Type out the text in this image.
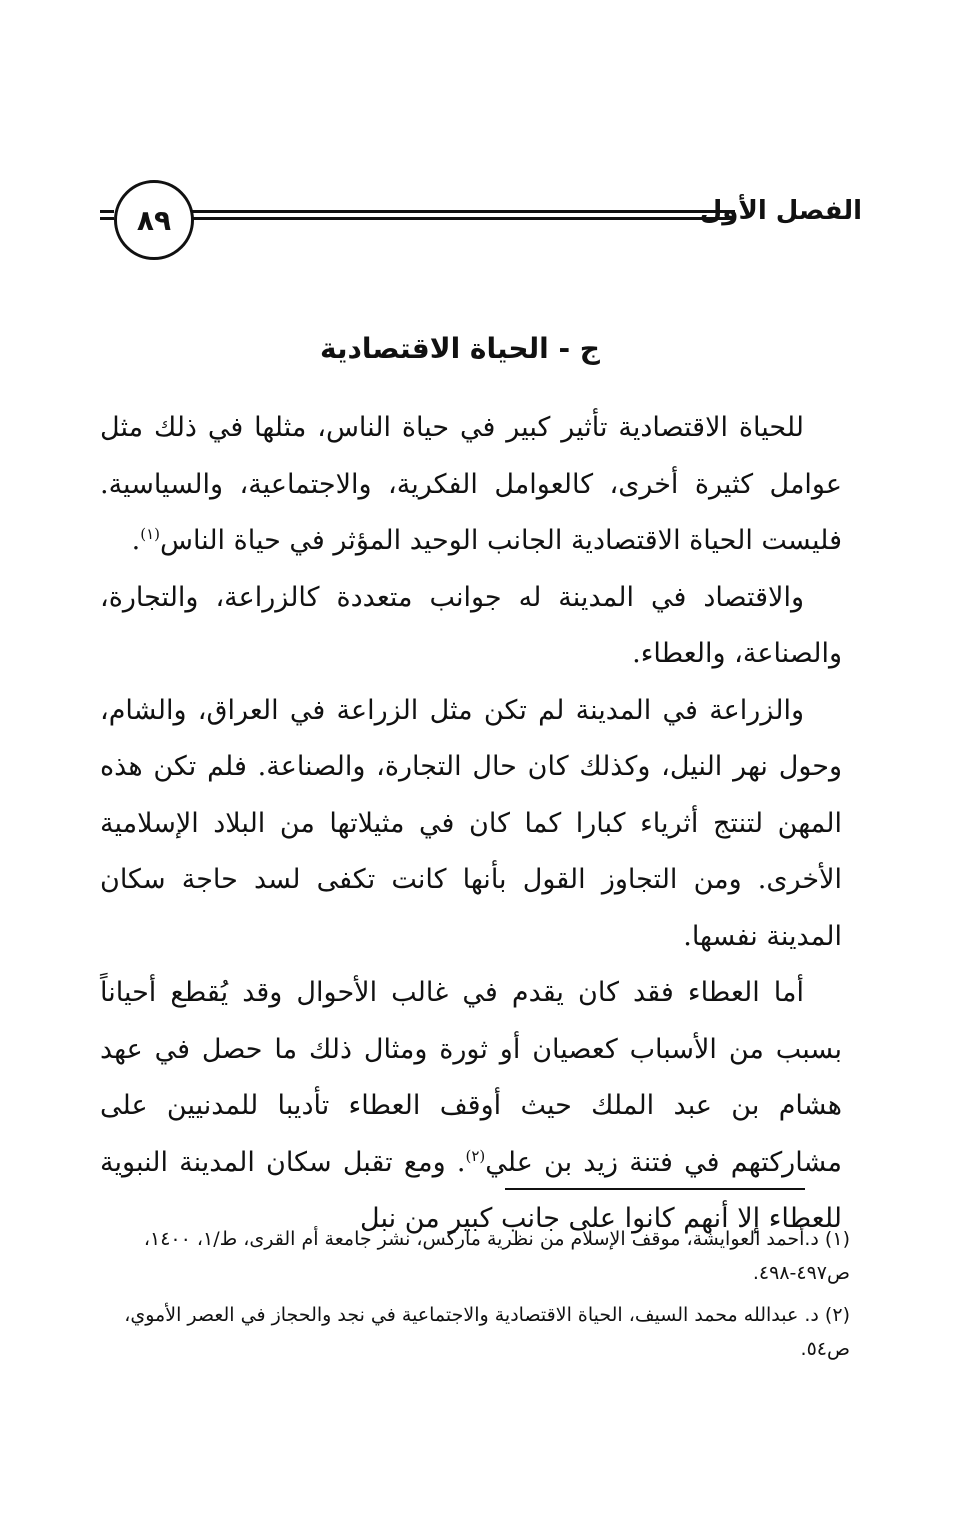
الفصل الأول
٨٩
ج - الحياة الاقتصادية

للحياة الاقتصادية تأثير كبير في حياة الناس، مثلها في ذلك مثل عوامل كثيرة أخرى، كالعوامل الفكرية، والاجتماعية، والسياسية. فليست الحياة الاقتصادية الجانب الوحيد المؤثر في حياة الناس$^{(١)}$.

والاقتصاد في المدينة له جوانب متعددة كالزراعة، والتجارة، والصناعة، والعطاء.

والزراعة في المدينة لم تكن مثل الزراعة في العراق، والشام، وحول نهر النيل، وكذلك كان حال التجارة، والصناعة. فلم تكن هذه المهن لتنتج أثرياء كبارا كما كان في مثيلاتها من البلاد الإسلامية الأخرى. ومن التجاوز القول بأنها كانت تكفى لسد حاجة سكان المدينة نفسها.

أما العطاء فقد كان يقدم في غالب الأحوال وقد يُقطع أحياناً بسبب من الأسباب كعصيان أو ثورة ومثال ذلك ما حصل في عهد هشام بن عبد الملك حيث أوقف العطاء تأديبا للمدنيين على مشاركتهم في فتنة زيد بن علي$^{(٢)}$. ومع تقبل سكان المدينة النبوية للعطاء إلا أنهم كانوا على جانب كبير من نبل

(١) د.أحمد العوايشة، موقف الإسلام من نظرية ماركس، نشر جامعة أم القرى، ط/١، ١٤٠٠، ص٤٩٧-٤٩٨.

(٢) د. عبدالله محمد السيف، الحياة الاقتصادية والاجتماعية في نجد والحجاز في العصر الأموي، ص٥٤.
